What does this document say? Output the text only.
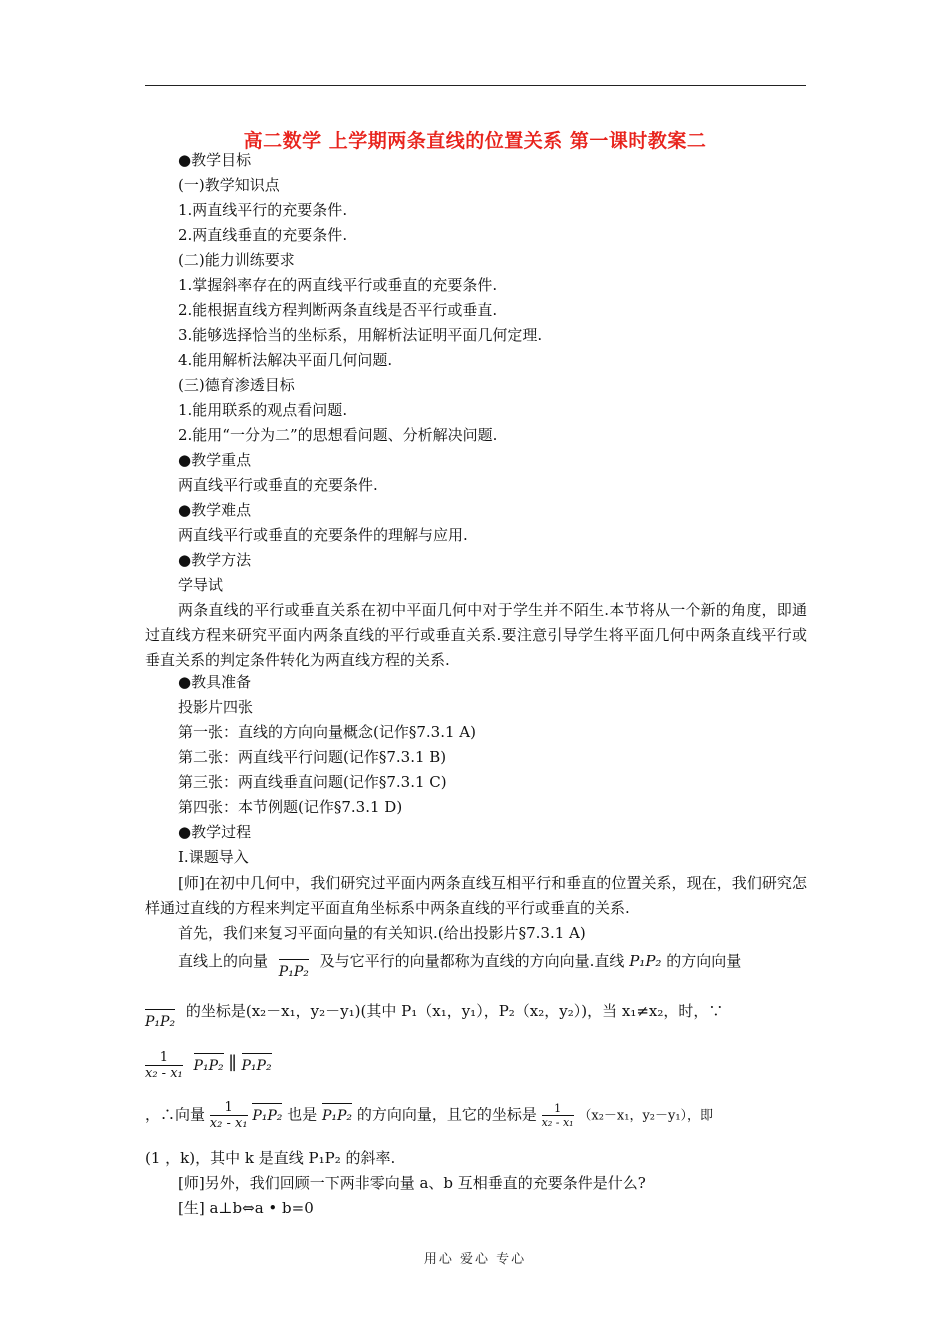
高二数学 上学期两条直线的位置关系 第一课时教案二
●教学目标
(一)教学知识点
1.两直线平行的充要条件.
2.两直线垂直的充要条件.
(二)能力训练要求
1.掌握斜率存在的两直线平行或垂直的充要条件.
2.能根据直线方程判断两条直线是否平行或垂直.
3.能够选择恰当的坐标系，用解析法证明平面几何定理.
4.能用解析法解决平面几何问题.
(三)德育渗透目标
1.能用联系的观点看问题.
2.能用“一分为二”的思想看问题、分析解决问题.
●教学重点
两直线平行或垂直的充要条件.
●教学难点
两直线平行或垂直的充要条件的理解与应用.
●教学方法
学导试
两条直线的平行或垂直关系在初中平面几何中对于学生并不陌生.本节将从一个新的角度，即通过直线方程来研究平面内两条直线的平行或垂直关系.要注意引导学生将平面几何中两条直线平行或垂直关系的判定条件转化为两直线方程的关系.
●教具准备
投影片四张
第一张：直线的方向向量概念(记作§7.3.1 A)
第二张：两直线平行问题(记作§7.3.1 B)
第三张：两直线垂直问题(记作§7.3.1 C)
第四张：本节例题(记作§7.3.1 D)
●教学过程
Ⅰ.课题导入
[师]在初中几何中，我们研究过平面内两条直线互相平行和垂直的位置关系，现在，我们研究怎样通过直线的方程来判定平面直角坐标系中两条直线的平行或垂直的关系.
首先，我们来复习平面向量的有关知识.(给出投影片§7.3.1 A)
直线上的向量 P₁P₂ 及与它平行的向量都称为直线的方向向量.直线 P₁P₂ 的方向向量
P₁P₂ 的坐标是(x₂－x₁，y₂－y₁)(其中 P₁（x₁，y₁），P₂（x₂，y₂）)，当 x₁≠x₂，时，∵
$\frac{1}{\text{x₂ - x₁}} P_1P_2$ ∥ P₁P₂
，∴向量 $\frac{1}{\text{x₂ - x₁}} P_1P_2$ 也是 P₁P₂ 的方向向量，且它的坐标是 $\frac{1}{\text{x₂ - x₁}} (x_2-x_1$，y₂－y₁），即
(1 ，k)，其中 k 是直线 P₁P₂ 的斜率.
[师]另外，我们回顾一下两非零向量 a、b 互相垂直的充要条件是什么?
[生] a⊥b⇔a • b=0
用心 爱心 专心
